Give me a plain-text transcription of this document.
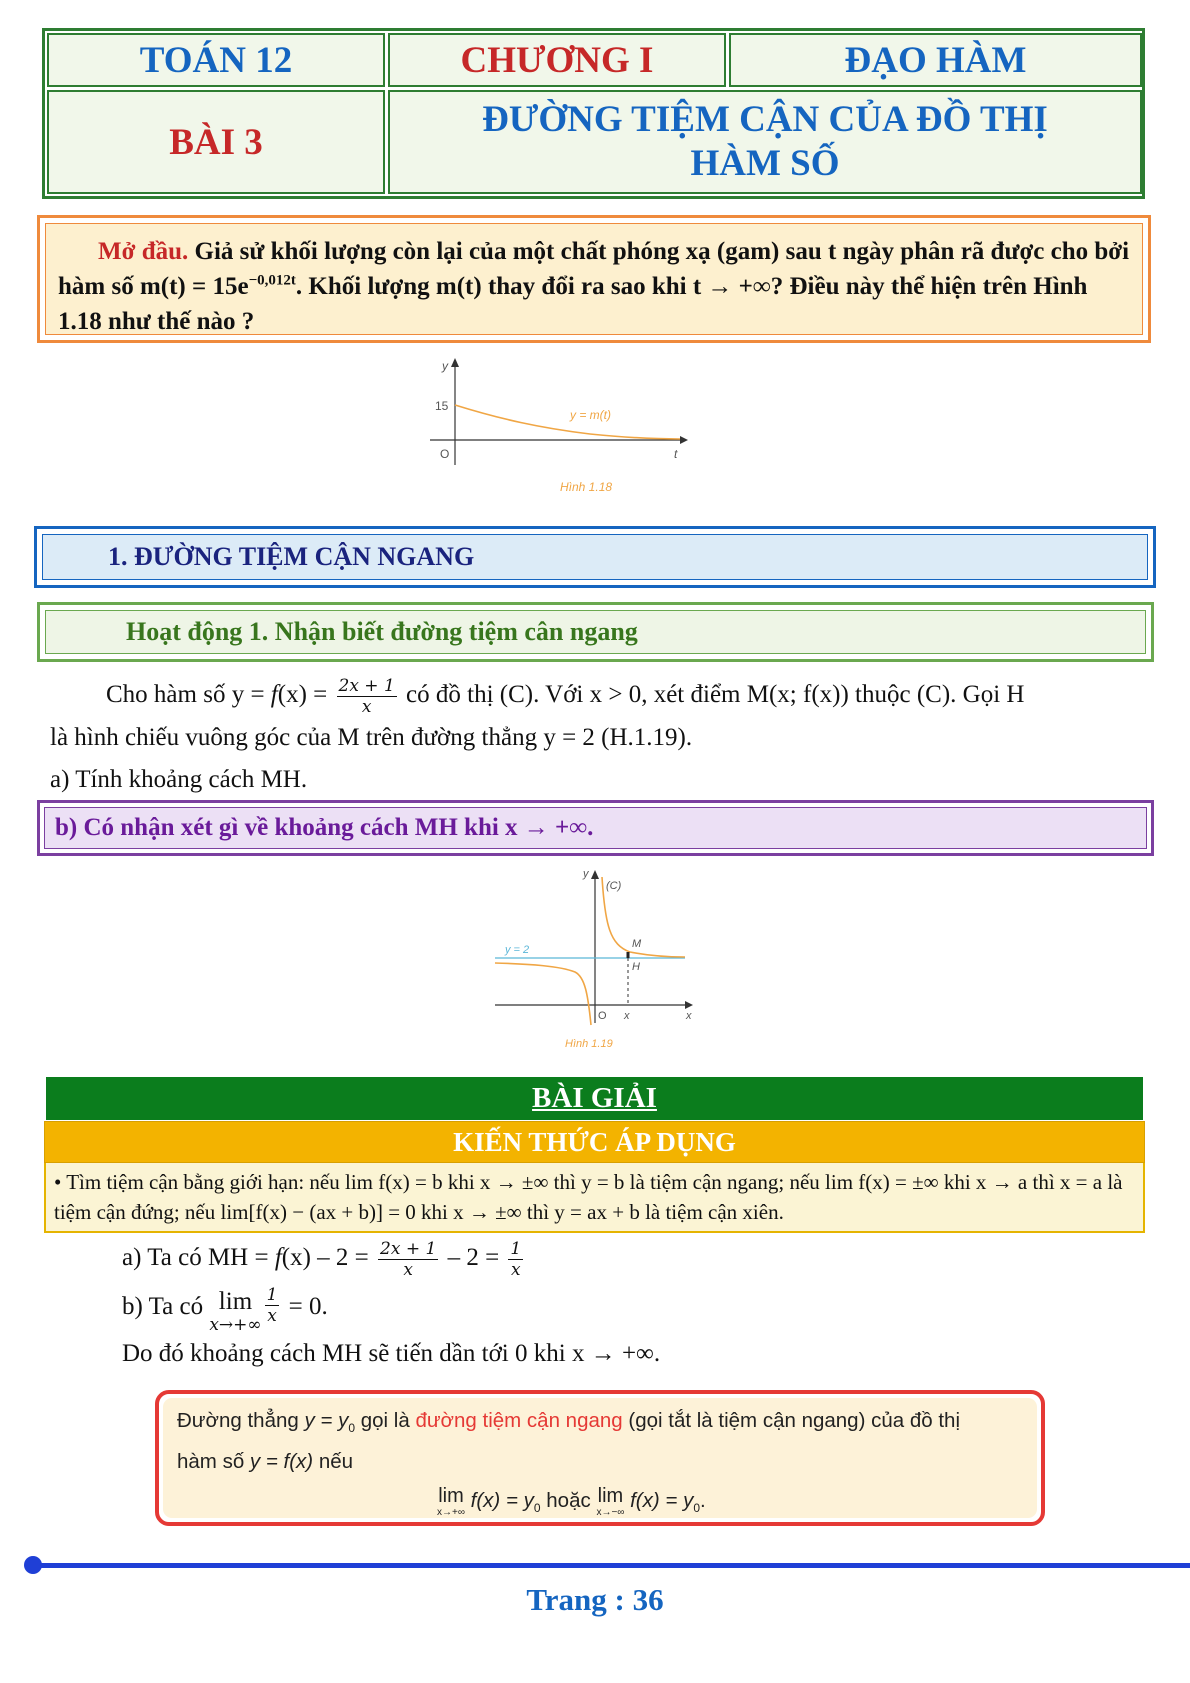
TOÁN 12	CHƯƠNG I	ĐẠO HÀM
BÀI 3
ĐƯỜNG TIỆM CẬN CỦA ĐỒ THỊ
HÀM SỐ
Mở đầu. Giả sử khối lượng còn lại của một chất phóng xạ (gam) sau t ngày phân rã được cho bởi hàm số $m(t) = 15e^{-0,012t}$. Khối lượng m(t) thay đổi ra sao khi t → +∞? Điều này thể hiện trên Hình 1.18 như thế nào ?
y
15
O	t
y = m(t)
Hình 1.18
1. ĐƯỜNG TIỆM CẬN NGANG
Hoạt động 1. Nhận biết đường tiệm cân ngang
Cho hàm số $y = f(x) = \frac{2x + 1}{x}$ có đồ thị (C). Với x > 0, xét điểm M(x; f(x)) thuộc (C). Gọi H
là hình chiếu vuông góc của M trên đường thẳng y = 2 (H.1.19).
a) Tính khoảng cách MH.
b) Có nhận xét gì về khoảng cách MH khi x → +∞.
y
(C)
y = 2	M
H
O x	x
Hình 1.19
BÀI GIẢI
KIẾN THỨC ÁP DỤNG
• Tìm tiệm cận bằng giới hạn: nếu lim f(x) = b khi x → ±∞ thì y = b là tiệm cận ngang; nếu lim f(x) = ±∞ khi x → a thì x = a là tiệm cận đứng; nếu lim[f(x) − (ax + b)] = 0 khi x → ±∞ thì y = ax + b là tiệm cận xiên.
a) Ta có MH = $f(x) - 2 = \frac{2x + 1}{x} - 2 = \frac{1}{x}$
b) Ta có lim
$x\to+\infty \frac{1}{x} = 0$.
Do đó khoảng cách MH sẽ tiến dần tới 0 khi x → +∞.
Đường thẳng $y = y_0$ gọi là đường tiệm cận ngang (gọi tắt là tiệm cận ngang) của đồ thị
hàm số y = f(x) nếu
lim
x→+∞
$f(x) = y_0$ hoặc lim
x→−∞
$f(x) = y_0$.
Trang : 36
